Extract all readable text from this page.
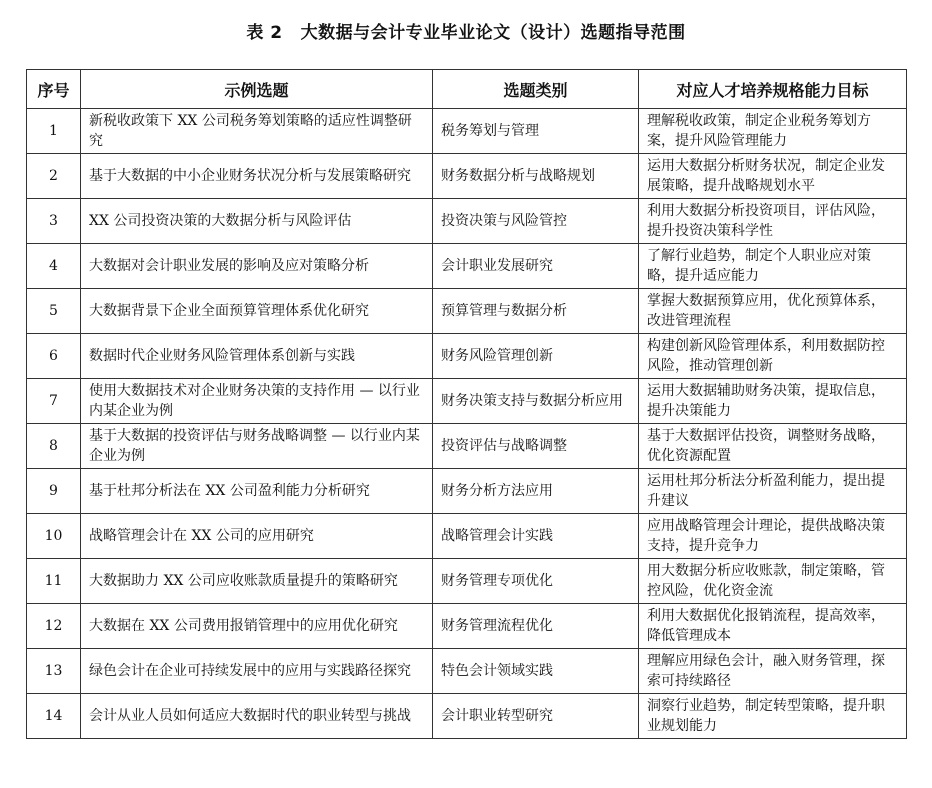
表 2 大数据与会计专业毕业论文（设计）选题指导范围
序号	示例选题	选题类别	对应人才培养规格能力目标
1	新税收政策下 XX 公司税务筹划策略的适应性调整研究	税务筹划与管理	理解税收政策，制定企业税务筹划方案，提升风险管理能力
2	基于大数据的中小企业财务状况分析与发展策略研究	财务数据分析与战略规划	运用大数据分析财务状况，制定企业发展策略，提升战略规划水平
3	XX 公司投资决策的大数据分析与风险评估	投资决策与风险管控	利用大数据分析投资项目，评估风险，提升投资决策科学性
4	大数据对会计职业发展的影响及应对策略分析	会计职业发展研究	了解行业趋势，制定个人职业应对策略，提升适应能力
5	大数据背景下企业全面预算管理体系优化研究	预算管理与数据分析	掌握大数据预算应用，优化预算体系，改进管理流程
6	数据时代企业财务风险管理体系创新与实践	财务风险管理创新	构建创新风险管理体系，利用数据防控风险，推动管理创新
7	使用大数据技术对企业财务决策的支持作用 — 以行业内某企业为例	财务决策支持与数据分析应用	运用大数据辅助财务决策，提取信息，提升决策能力
8	基于大数据的投资评估与财务战略调整 — 以行业内某企业为例	投资评估与战略调整	基于大数据评估投资，调整财务战略，优化资源配置
9	基于杜邦分析法在 XX 公司盈利能力分析研究	财务分析方法应用	运用杜邦分析法分析盈利能力，提出提升建议
10	战略管理会计在 XX 公司的应用研究	战略管理会计实践	应用战略管理会计理论，提供战略决策支持，提升竞争力
11	大数据助力 XX 公司应收账款质量提升的策略研究	财务管理专项优化	用大数据分析应收账款，制定策略，管控风险，优化资金流
12	大数据在 XX 公司费用报销管理中的应用优化研究	财务管理流程优化	利用大数据优化报销流程，提高效率，降低管理成本
13	绿色会计在企业可持续发展中的应用与实践路径探究	特色会计领域实践	理解应用绿色会计，融入财务管理，探索可持续路径
14	会计从业人员如何适应大数据时代的职业转型与挑战	会计职业转型研究	洞察行业趋势，制定转型策略，提升职业规划能力
